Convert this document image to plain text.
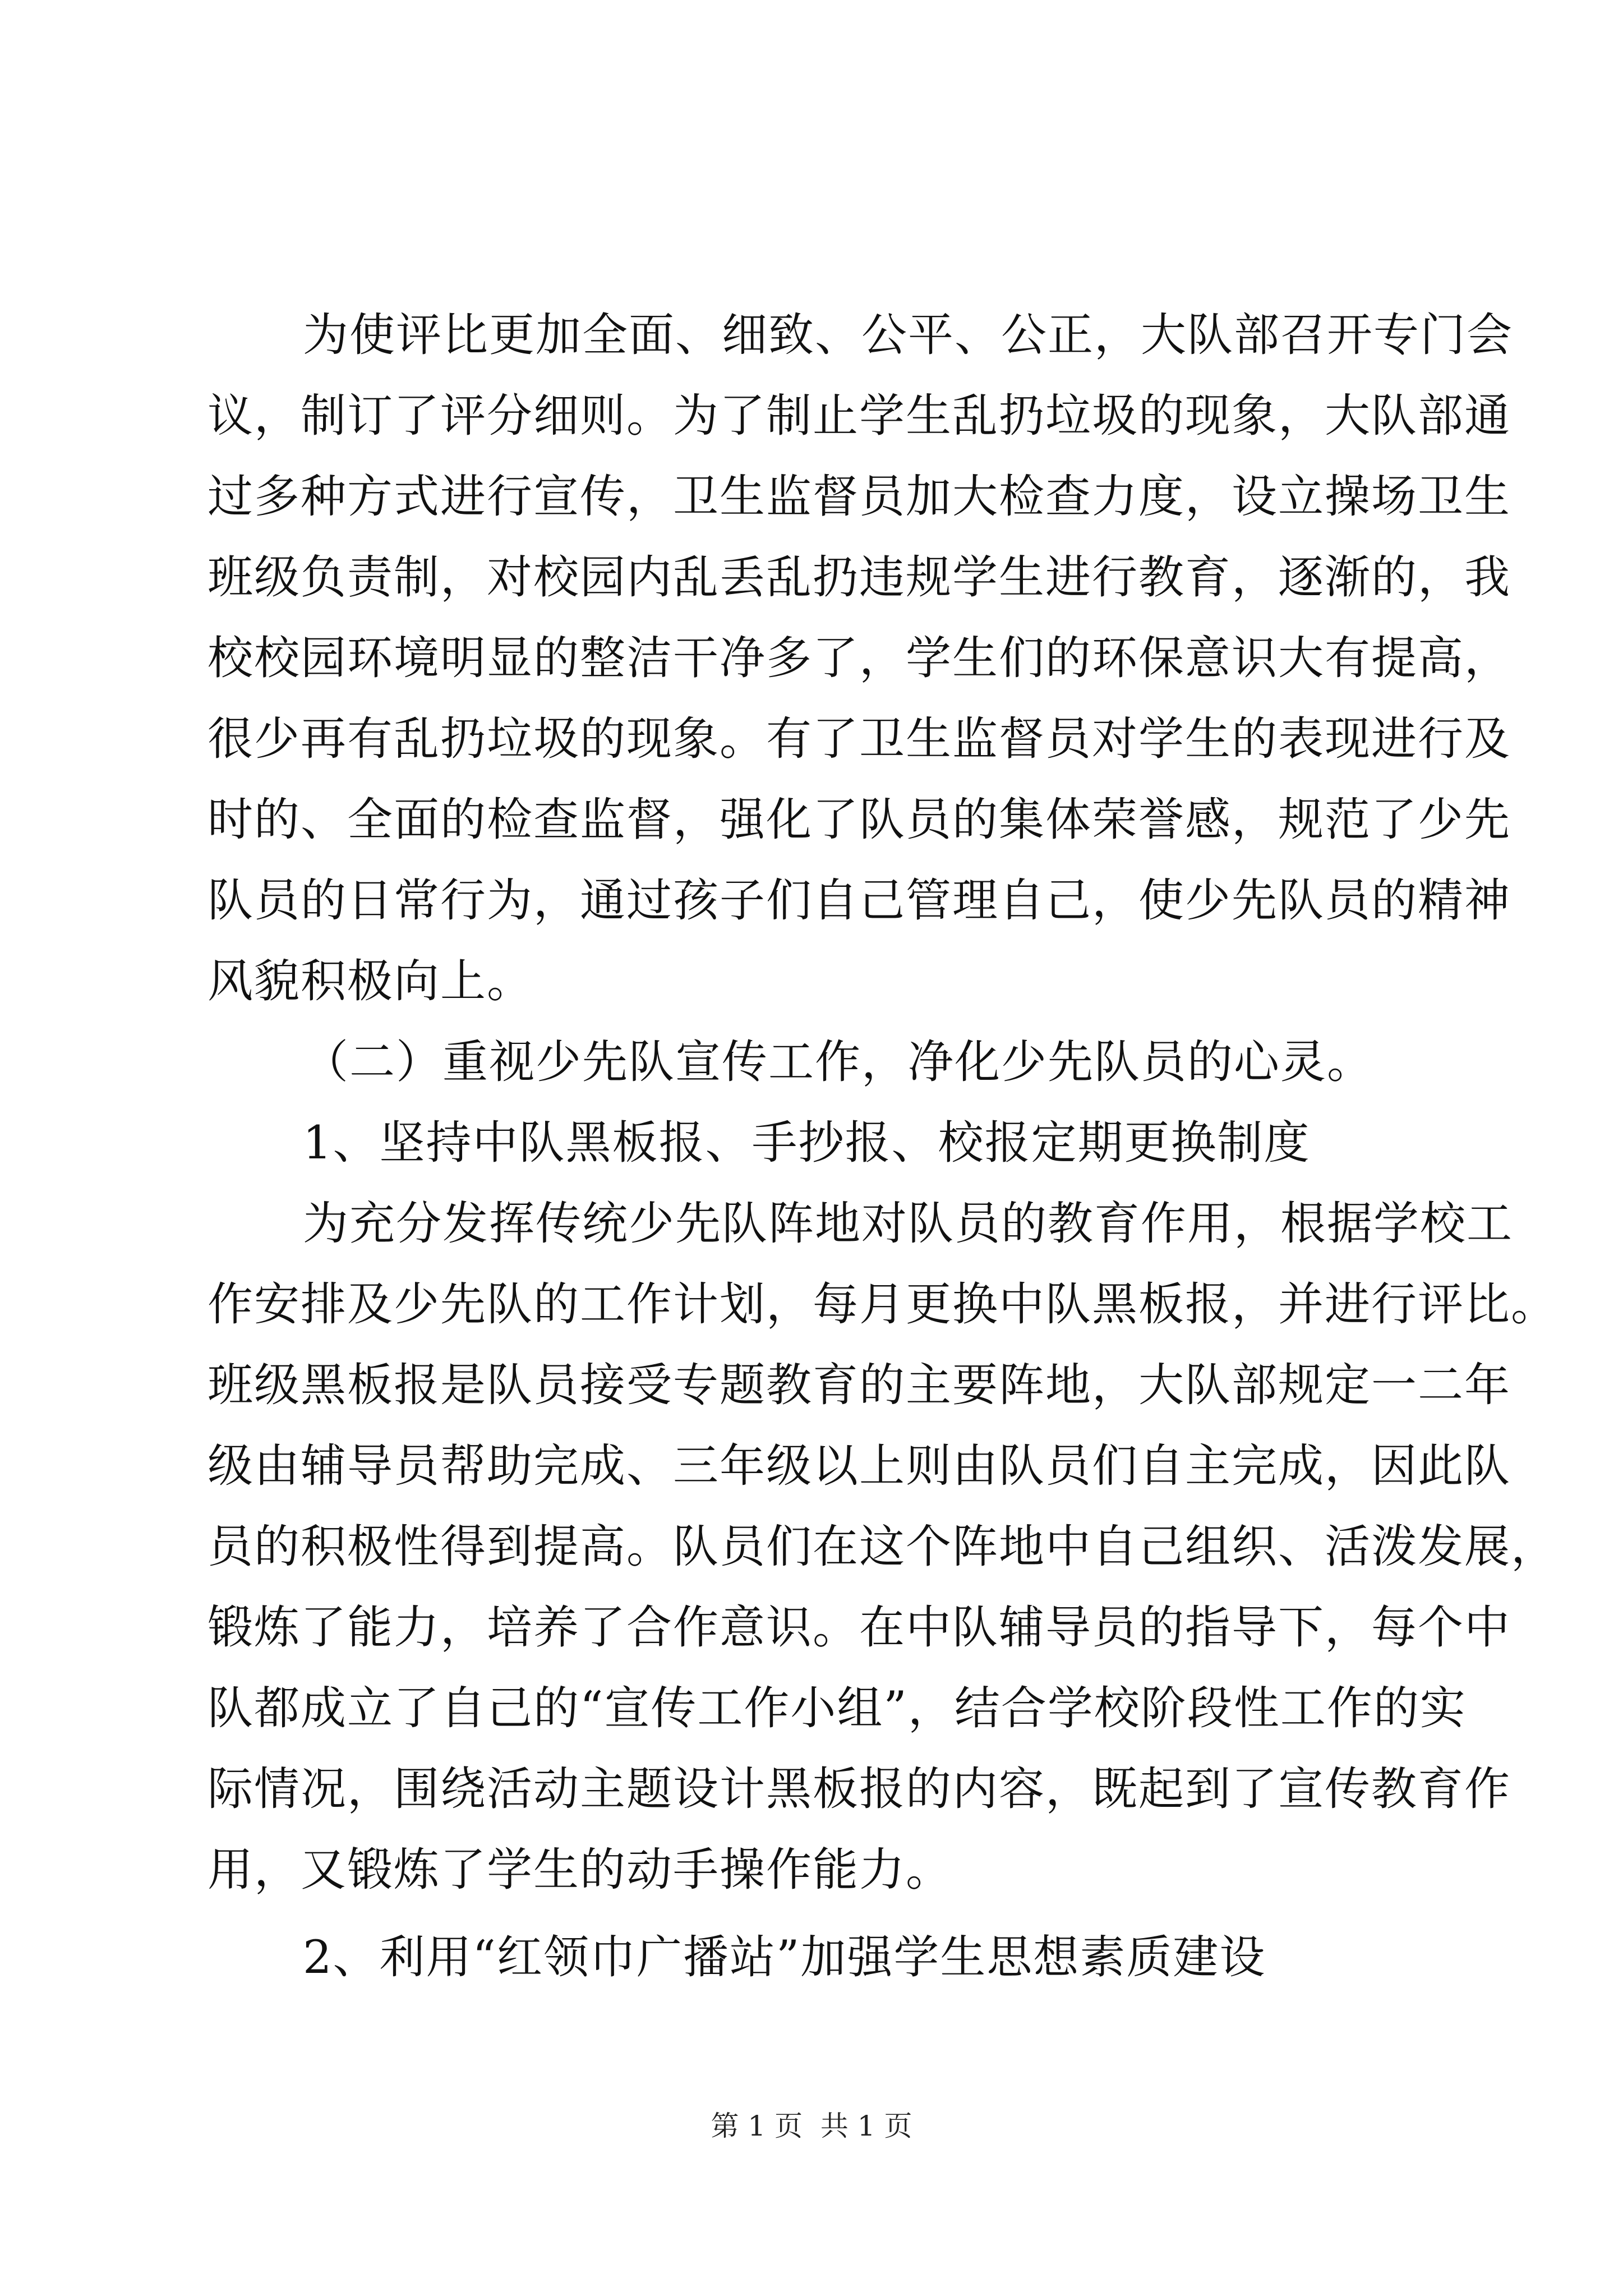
为使评比更加全面、细致、公平、公正，大队部召开专门会
议，制订了评分细则。为了制止学生乱扔垃圾的现象，大队部通
过多种方式进行宣传，卫生监督员加大检查力度，设立操场卫生
班级负责制，对校园内乱丢乱扔违规学生进行教育，逐渐的，我
校校园环境明显的整洁干净多了，学生们的环保意识大有提高，
很少再有乱扔垃圾的现象。有了卫生监督员对学生的表现进行及
时的、全面的检查监督，强化了队员的集体荣誉感，规范了少先
队员的日常行为，通过孩子们自己管理自己，使少先队员的精神
风貌积极向上。
（二）重视少先队宣传工作，净化少先队员的心灵。
1、坚持中队黑板报、手抄报、校报定期更换制度
为充分发挥传统少先队阵地对队员的教育作用，根据学校工
作安排及少先队的工作计划，每月更换中队黑板报，并进行评比。
班级黑板报是队员接受专题教育的主要阵地，大队部规定一二年
级由辅导员帮助完成、三年级以上则由队员们自主完成，因此队
员的积极性得到提高。队员们在这个阵地中自己组织、活泼发展，
锻炼了能力，培养了合作意识。在中队辅导员的指导下，每个中
队都成立了自己的“宣传工作小组”，结合学校阶段性工作的实
际情况，围绕活动主题设计黑板报的内容，既起到了宣传教育作
用，又锻炼了学生的动手操作能力。
2、利用“红领巾广播站”加强学生思想素质建设
第 1 页  共 1 页
